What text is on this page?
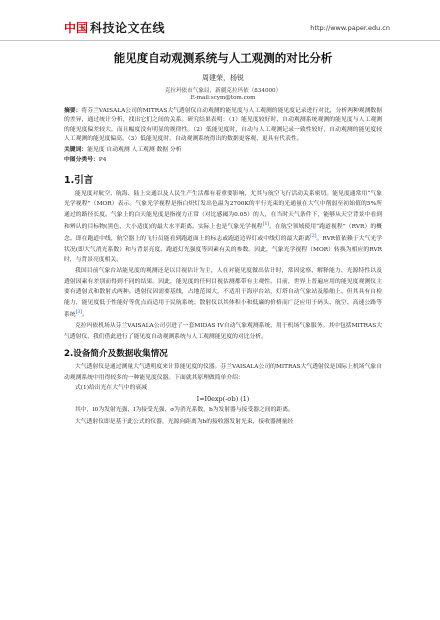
中国 科技论文在线	http://www.paper.edu.cn

能见度自动观测系统与人工观测的对比分析

周建荣，杨锐

克拉玛依市气象局，新疆克拉玛依（834000）

E-mail:scym@tom.com

摘要：将芬兰VAISALA公司的MITRAS大气透射仪自动观测的能见度与人工观测的能见度记录进行对比，分析两种观测数据的差异，通过统计分析，找出它们之间的关系。研究结果表明：（1）能见度较好时，自动观测系统观测的能见度与人工观测的能见度偏差较大，而且幅度没有明显的规律性。（2）低能见度时，自动与人工观测记录一致性较好，自动观测的能见度较人工观测的能见度偏高。（3）低能见度时，自动观测系统得出的数据更客观、更具有代表性。

关键词：能见度 自动观测 人工观测 数据 分析

中图分类号：P4

1.引言

能见度对航空、航海、陆上交通以及人民生产生活都有着重要影响，尤其与航空飞行活动关系密切。能见度通常用“气象光学视程”（MOR）表示。气象光学视程是指白炽灯发出色温为2700K的平行光束的光通量在大气中削弱至初始值的5%所通过的路径长度。气象上的白天能见度是指视力正常（对比感阈为0.05）的人，在当时天气条件下，能够从天空背景中看到和辨认的目标物(黑色、大小适度)的最大水平距离。实际上也是气象光学视程[1]。在航空领域使用“跑道视程”（RVR）的概念。即在跑道中线，航空器上的飞行员能看到跑道面上的标志或跑道边界灯或中线灯的最大距离[2]。RVR值依赖于大气光学状况(即大气消光系数）和与背景亮度、跑道灯光强度等因素有关的参数。因此，气象光学视程（MOR）转换为相应的RVR时，与背景亮度相关。

我国目前气象台站能见度的观测还是以目视估计为主，人在对能见度做出估计时，常因觉察、解释能力、光源特性以及透射因素有差别而得到不同的结果。因此，能见度的任何目视估测都带有主观性。目前，世界上普遍应用的能见度观测仪主要有透射式和散射式两种。透射仪因需要基线，占地范围大，不适用于海岸台站，灯塔自动气象站及船舶上。但其具有自检能力，能见度低于性能好等优点而适用于民航系统；散射仪以其体积小和低廉的价格而广泛应用于码头、航空、高速公路等系统[3]。

克拉玛依机场从芬兰VAISALA公司引进了一套MIDAS IV自动气象观测系统，用于机场气象服务。其中包括MITRAS大气透射仪，我们借此进行了能见度自动观测系统与人工观测能见度的对比分析。

2.设备简介及数据收集情况

大气透射仪是通过测量大气透明度来计算能见度的仪器。芬兰VAISALA公司的MITRAS大气透射仪是国际上机场气象自动观测系统中用得较多的一种能见度仪器。下面就其原理做简单介绍：

式(1)给出光在大气中的衰减

I=I0exp(-σb) (1)

其中，I0为发射光强，I为接受光强，σ为消光系数，b为发射器与接受器之间的距离。

大气透射仪即是基于此公式的仪器，光源向距离为b的接收器发射光束，接收器测量经
